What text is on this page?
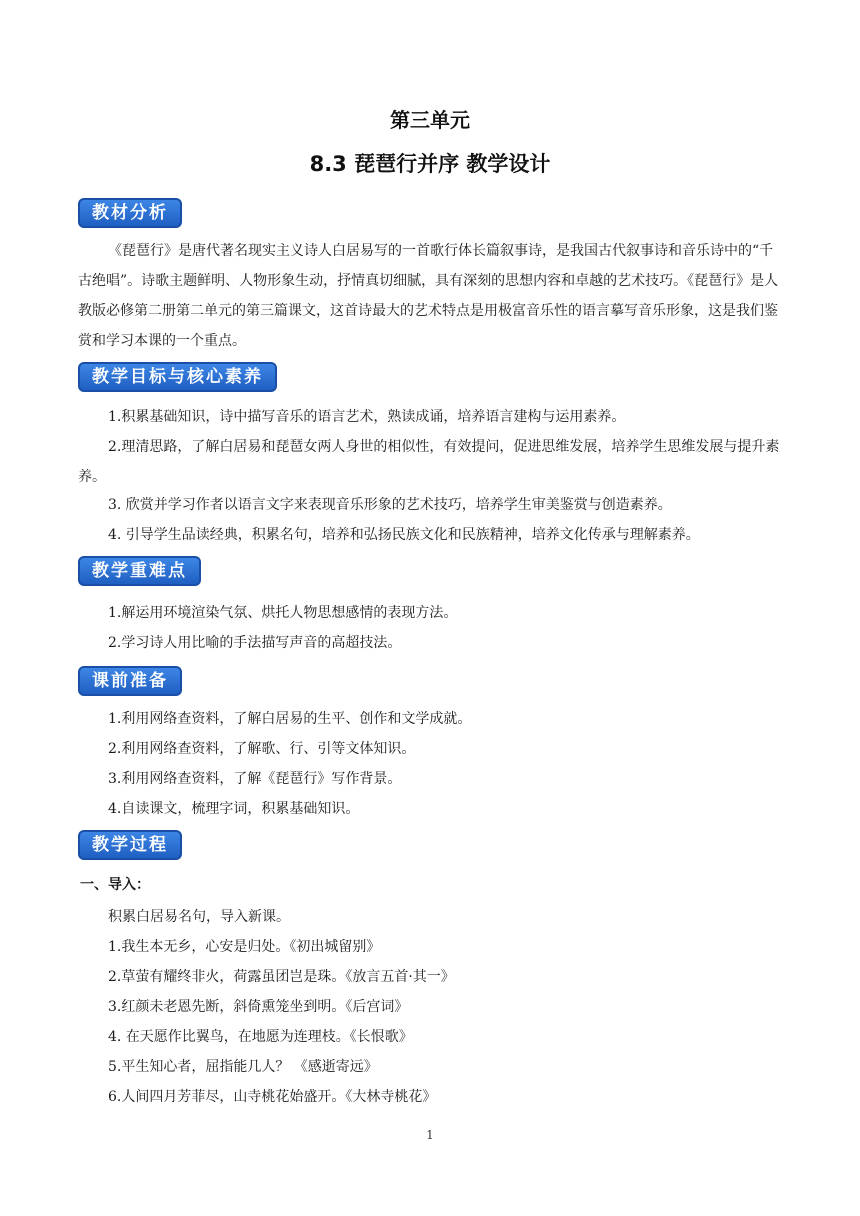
第三单元
8.3 琵琶行并序 教学设计
教材分析

《琵琶行》是唐代著名现实主义诗人白居易写的一首歌行体长篇叙事诗，是我国古代叙事诗和音乐诗中的“千古绝唱”。诗歌主题鲜明、人物形象生动，抒情真切细腻，具有深刻的思想内容和卓越的艺术技巧。《琵琶行》是人教版必修第二册第二单元的第三篇课文，这首诗最大的艺术特点是用极富音乐性的语言摹写音乐形象，这是我们鉴赏和学习本课的一个重点。

教学目标与核心素养

1.积累基础知识，诗中描写音乐的语言艺术，熟读成诵，培养语言建构与运用素养。

2.理清思路，了解白居易和琵琶女两人身世的相似性，有效提问，促进思维发展，培养学生思维发展与提升素养。

3. 欣赏并学习作者以语言文字来表现音乐形象的艺术技巧，培养学生审美鉴赏与创造素养。

4. 引导学生品读经典，积累名句，培养和弘扬民族文化和民族精神，培养文化传承与理解素养。

教学重难点

1.解运用环境渲染气氛、烘托人物思想感情的表现方法。

2.学习诗人用比喻的手法描写声音的高超技法。

课前准备

1.利用网络查资料，了解白居易的生平、创作和文学成就。

2.利用网络查资料，了解歌、行、引等文体知识。

3.利用网络查资料，了解《琵琶行》写作背景。

4.自读课文，梳理字词，积累基础知识。

教学过程
一、导入：

积累白居易名句，导入新课。

1.我生本无乡，心安是归处。《初出城留别》

2.草萤有耀终非火，荷露虽团岂是珠。《放言五首·其一》

3.红颜未老恩先断，斜倚熏笼坐到明。《后宫词》

4. 在天愿作比翼鸟，在地愿为连理枝。《长恨歌》

5.平生知心者，屈指能几人？ 《感逝寄远》

6.人间四月芳菲尽，山寺桃花始盛开。《大林寺桃花》

1
